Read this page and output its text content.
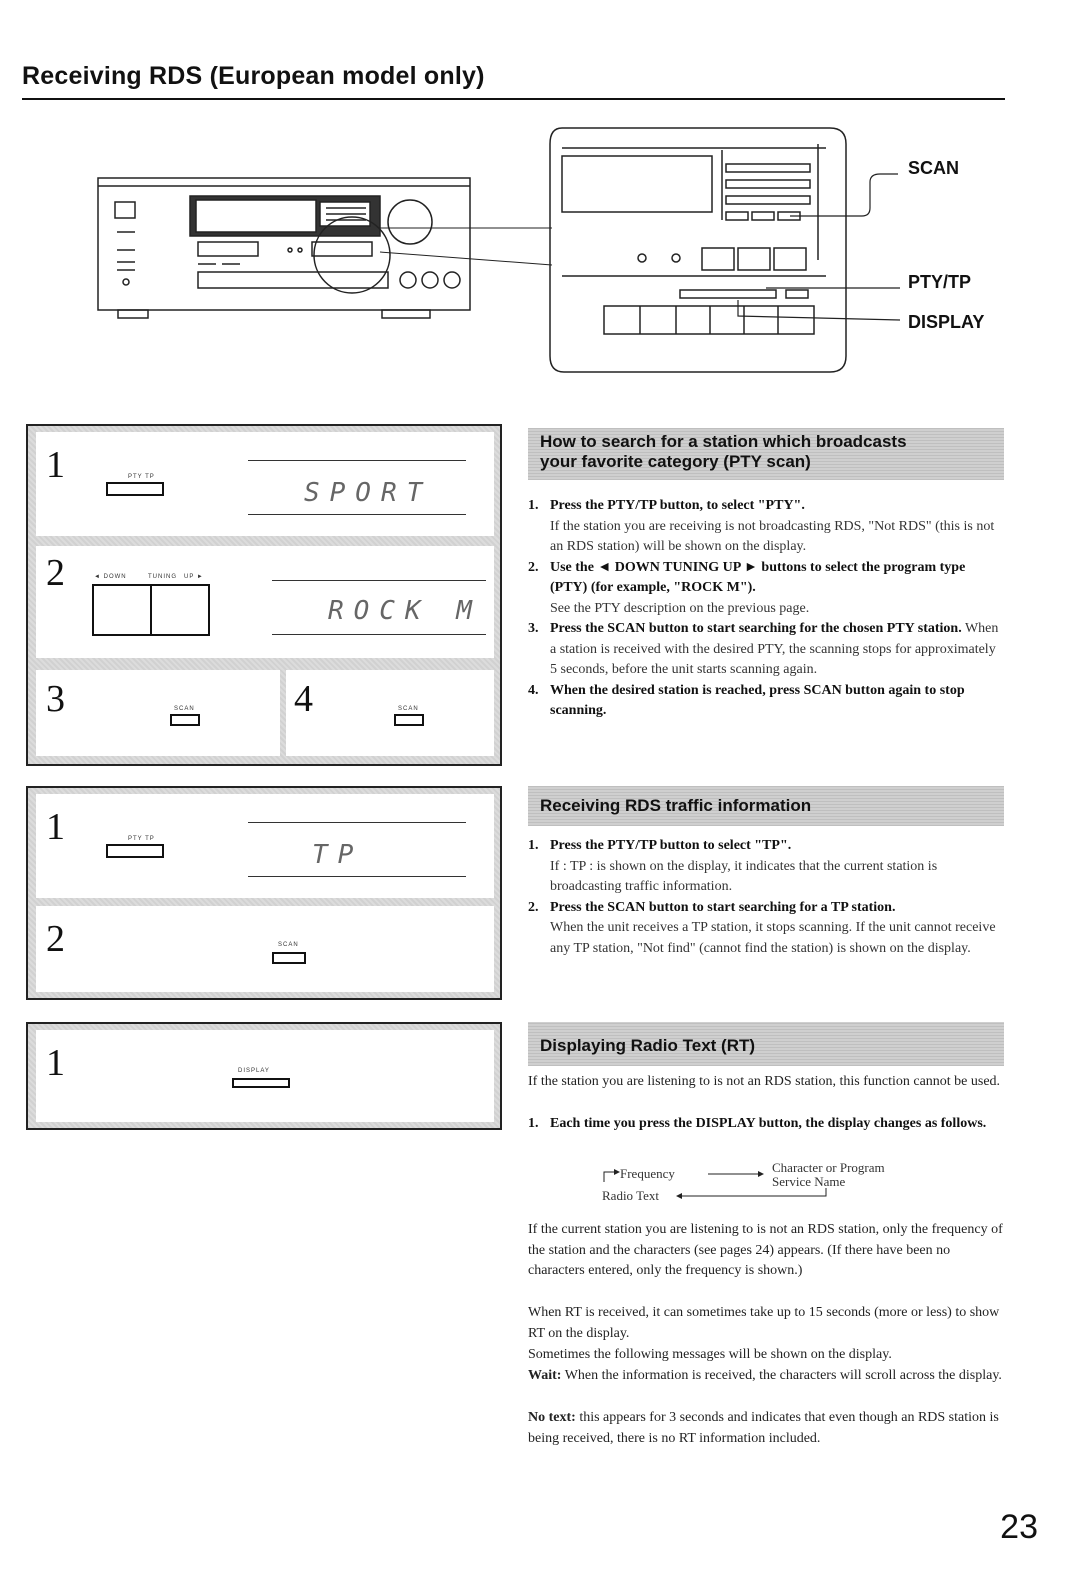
Receiving RDS (European model only)
SCAN
PTY/TP
DISPLAY
1	PTY TP
SPORT
2	◄ DOWN	TUNING UP ►
ROCK M
3	SCAN	4	SCAN
How to search for a station which broadcasts
your favorite category (PTY scan)
1. Press the PTY/TP button, to select "PTY".
If the station you are receiving is not broadcasting RDS, "Not RDS" (this is not an RDS station) will be shown on the display.
2. Use the ◄ DOWN TUNING UP ► buttons to select the program type (PTY) (for example, "ROCK M").
See the PTY description on the previous page.
3. Press the SCAN button to start searching for the chosen PTY station. When a station is received with the desired PTY, the scanning stops for approximately 5 seconds, before the unit starts scanning again.
4. When the desired station is reached, press SCAN button again to stop scanning.
1	PTY TP
TP
2	SCAN
Receiving RDS traffic information
1. Press the PTY/TP button to select "TP".
If : TP : is shown on the display, it indicates that the current station is broadcasting traffic information.
2. Press the SCAN button to start searching for a TP station.
When the unit receives a TP station, it stops scanning. If the unit cannot receive any TP station, "Not find" (cannot find the station) is shown on the display.
1	DISPLAY
Displaying Radio Text (RT)

If the station you are listening to is not an RDS station, this function cannot be used.

1. Each time you press the DISPLAY button, the display changes as follows.
Frequency	Character or Program
Service Name
Radio Text

If the current station you are listening to is not an RDS station, only the frequency of the station and the characters (see pages 24) appears. (If there have been no characters entered, only the frequency is shown.)

When RT is received, it can sometimes take up to 15 seconds (more or less) to show RT on the display.

Sometimes the following messages will be shown on the display.

Wait: When the information is received, the characters will scroll across the display.

No text: this appears for 3 seconds and indicates that even though an RDS station is being received, there is no RT information included.

23
